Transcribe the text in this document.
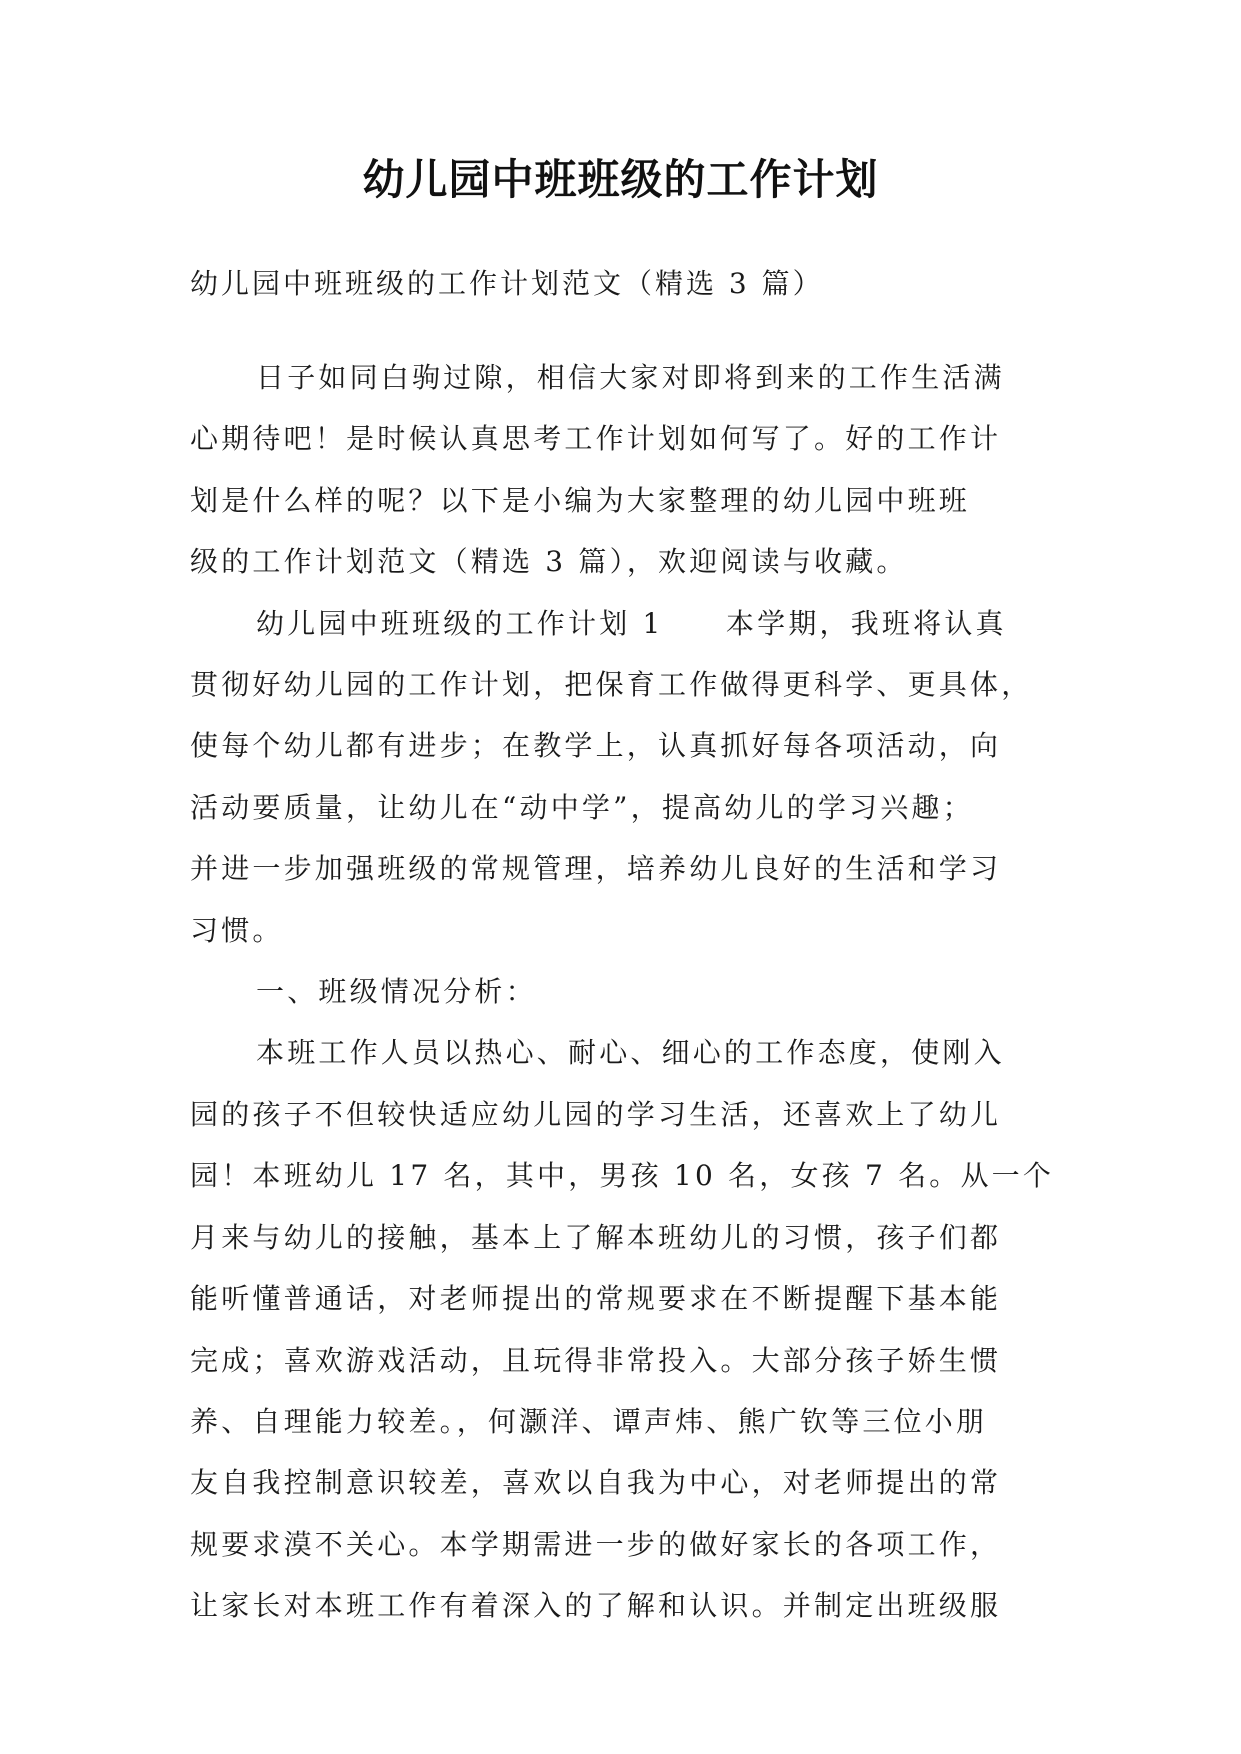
幼儿园中班班级的工作计划
幼儿园中班班级的工作计划范文（精选 3 篇）
日子如同白驹过隙，相信大家对即将到来的工作生活满
心期待吧！是时候认真思考工作计划如何写了。好的工作计
划是什么样的呢？以下是小编为大家整理的幼儿园中班班
级的工作计划范文（精选 3 篇），欢迎阅读与收藏。
幼儿园中班班级的工作计划 1　　本学期，我班将认真
贯彻好幼儿园的工作计划，把保育工作做得更科学、更具体，
使每个幼儿都有进步；在教学上，认真抓好每各项活动，向
活动要质量，让幼儿在“动中学”，提高幼儿的学习兴趣；
并进一步加强班级的常规管理，培养幼儿良好的生活和学习
习惯。
一、班级情况分析：
本班工作人员以热心、耐心、细心的工作态度，使刚入
园的孩子不但较快适应幼儿园的学习生活，还喜欢上了幼儿
园！本班幼儿 17 名，其中，男孩 10 名，女孩 7 名。从一个
月来与幼儿的接触，基本上了解本班幼儿的习惯，孩子们都
能听懂普通话，对老师提出的常规要求在不断提醒下基本能
完成；喜欢游戏活动，且玩得非常投入。大部分孩子娇生惯
养、自理能力较差。，何灏洋、谭声炜、熊广钦等三位小朋
友自我控制意识较差，喜欢以自我为中心，对老师提出的常
规要求漠不关心。本学期需进一步的做好家长的各项工作，
让家长对本班工作有着深入的了解和认识。并制定出班级服
